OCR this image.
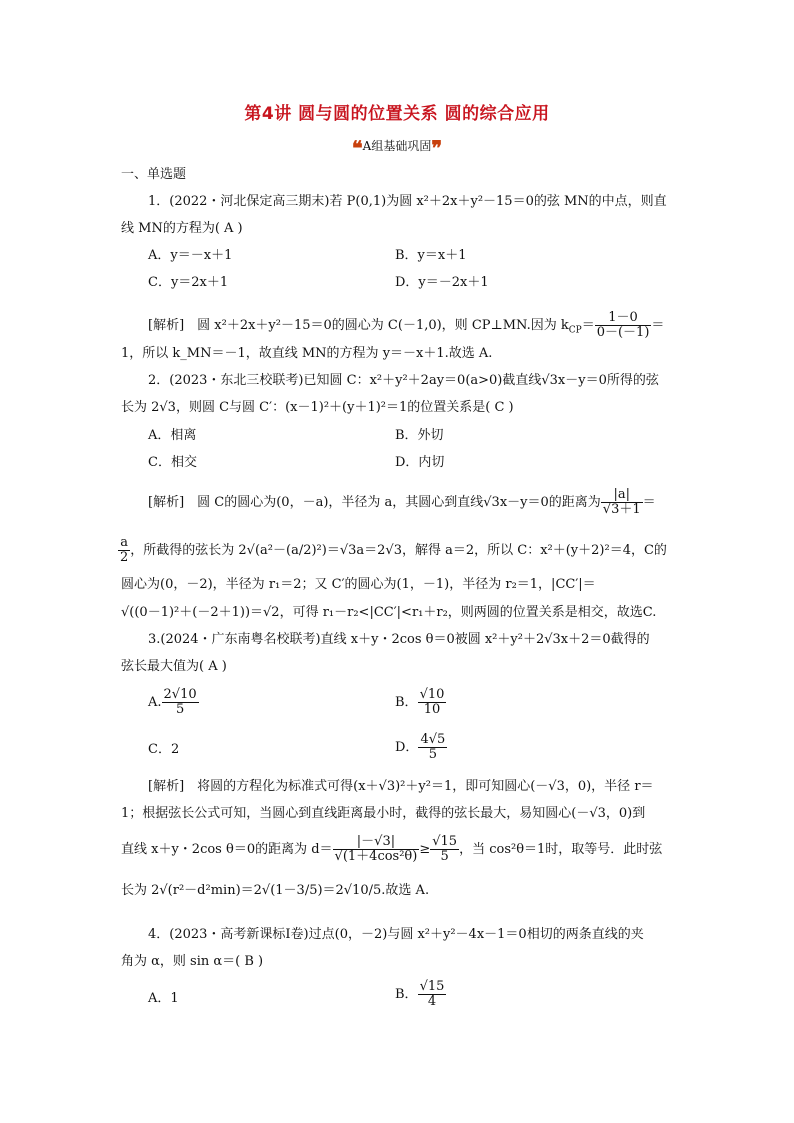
第4讲 圆与圆的位置关系 圆的综合应用
❝A组基础巩固❞
一、单选题
1．(2022・河北保定高三期末)若 P(0,1)为圆 x²＋2x＋y²－15＝0的弦 MN的中点，则直
线 MN的方程为( A )
A．y＝－x＋1	B．y＝x＋1
C．y＝2x＋1	D．y＝－2x＋1
[解析]　圆 x²＋2x＋y²－15＝0的圆心为 C(－1,0)，则 CP⊥MN.因为 $k_{CP}= \frac{1-0}{0-(-1)}$ ＝
1，所以 k_MN＝－1，故直线 MN的方程为 y＝－x＋1.故选 A.
2．(2023・东北三校联考)已知圆 C：x²＋y²＋2ay＝0(a>0)截直线√3x－y＝0所得的弦
长为 2√3，则圆 C与圆 C′：(x－1)²＋(y＋1)²＝1的位置关系是( C )
A．相离	B．外切
C．相交	D．内切
[解析]　圆 C的圆心为(0，－a)，半径为 a，其圆心到直线√3x－y＝0的距离为 $\frac{|a|}{√3+1}$ ＝
$\frac{a}{2}$ ，所截得的弦长为 2√(a²－(a/2)²)＝√3a＝2√3，解得 a＝2，所以 C：x²＋(y＋2)²＝4，C的
圆心为(0，－2)，半径为 r₁＝2；又 C′的圆心为(1，－1)，半径为 r₂＝1，|CC′|＝
√((0－1)²＋(－2＋1))＝√2，可得 r₁－r₂<|CC′|<r₁＋r₂，则两圆的位置关系是相交，故选C.
3.(2024・广东南粤名校联考)直线 x＋y・2cos θ＝0被圆 x²＋y²＋2√3x＋2＝0截得的
弦长最大值为( A )
A. $\frac{2√10}{5}$	B． $\frac{√10}{10}$
C．2	D． $\frac{4√5}{5}$
[解析]　将圆的方程化为标准式可得(x＋√3)²＋y²＝1，即可知圆心(－√3，0)，半径 r＝
1；根据弦长公式可知，当圆心到直线距离最小时，截得的弦长最大，易知圆心(－√3，0)到
直线 x＋y・2cos θ＝0的距离为 $d= \frac{|-√3|}{\text{√(1＋4cos²θ)}} \ge \frac{√15}{5}$ ，当 cos²θ＝1时，取等号．此时弦
长为 2√(r²－d²min)＝2√(1－3/5)＝2√10/5.故选 A.
4．(2023・高考新课标Ⅰ卷)过点(0，－2)与圆 x²＋y²－4x－1＝0相切的两条直线的夹
角为 α，则 sin α＝( B )
A．1	B． $\frac{√15}{4}$
